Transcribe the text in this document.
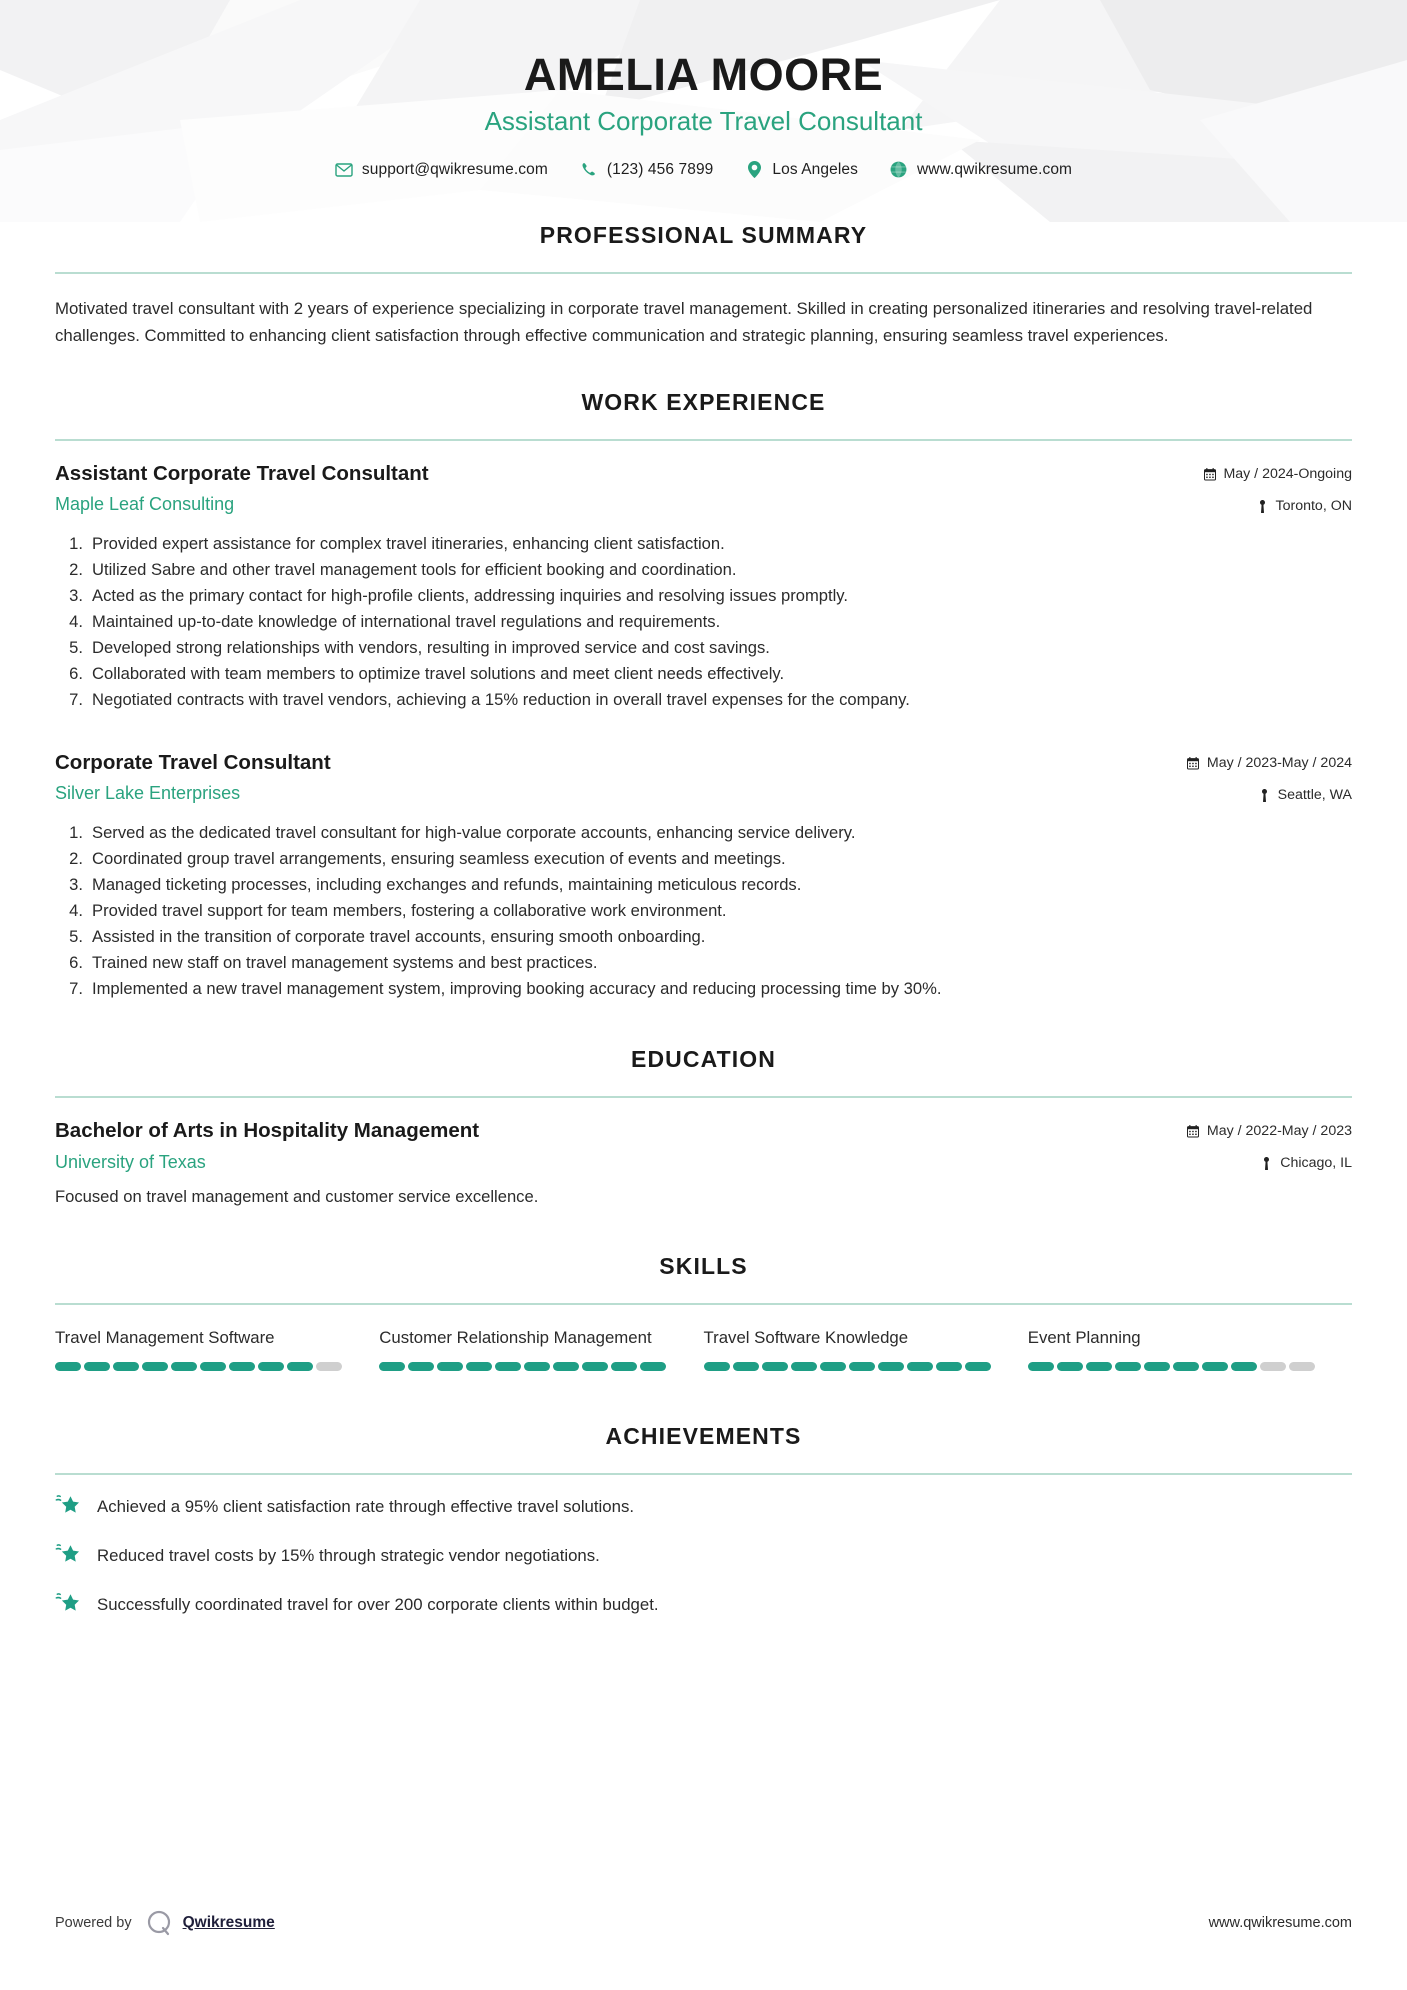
AMELIA MOORE
Assistant Corporate Travel Consultant
support@qwikresume.com	(123) 456 7899	Los Angeles	www.qwikresume.com
PROFESSIONAL SUMMARY

Motivated travel consultant with 2 years of experience specializing in corporate travel management. Skilled in creating personalized itineraries and resolving travel-related challenges. Committed to enhancing client satisfaction through effective communication and strategic planning, ensuring seamless travel experiences.

WORK EXPERIENCE
Assistant Corporate Travel Consultant
Maple Leaf Consulting
May / 2024-Ongoing
Toronto, ON
1. Provided expert assistance for complex travel itineraries, enhancing client satisfaction.
2. Utilized Sabre and other travel management tools for efficient booking and coordination.
3. Acted as the primary contact for high-profile clients, addressing inquiries and resolving issues promptly.
4. Maintained up-to-date knowledge of international travel regulations and requirements.
5. Developed strong relationships with vendors, resulting in improved service and cost savings.
6. Collaborated with team members to optimize travel solutions and meet client needs effectively.
7. Negotiated contracts with travel vendors, achieving a 15% reduction in overall travel expenses for the company.
Corporate Travel Consultant
Silver Lake Enterprises
May / 2023-May / 2024
Seattle, WA
1. Served as the dedicated travel consultant for high-value corporate accounts, enhancing service delivery.
2. Coordinated group travel arrangements, ensuring seamless execution of events and meetings.
3. Managed ticketing processes, including exchanges and refunds, maintaining meticulous records.
4. Provided travel support for team members, fostering a collaborative work environment.
5. Assisted in the transition of corporate travel accounts, ensuring smooth onboarding.
6. Trained new staff on travel management systems and best practices.
7. Implemented a new travel management system, improving booking accuracy and reducing processing time by 30%.
EDUCATION
Bachelor of Arts in Hospitality Management
University of Texas
May / 2022-May / 2023
Chicago, IL

Focused on travel management and customer service excellence.

SKILLS
Travel Management Software	Customer Relationship Management	Travel Software Knowledge	Event Planning
ACHIEVEMENTS
Achieved a 95% client satisfaction rate through effective travel solutions.
Reduced travel costs by 15% through strategic vendor negotiations.
Successfully coordinated travel for over 200 corporate clients within budget.
Powered by	Qwikresume	www.qwikresume.com
